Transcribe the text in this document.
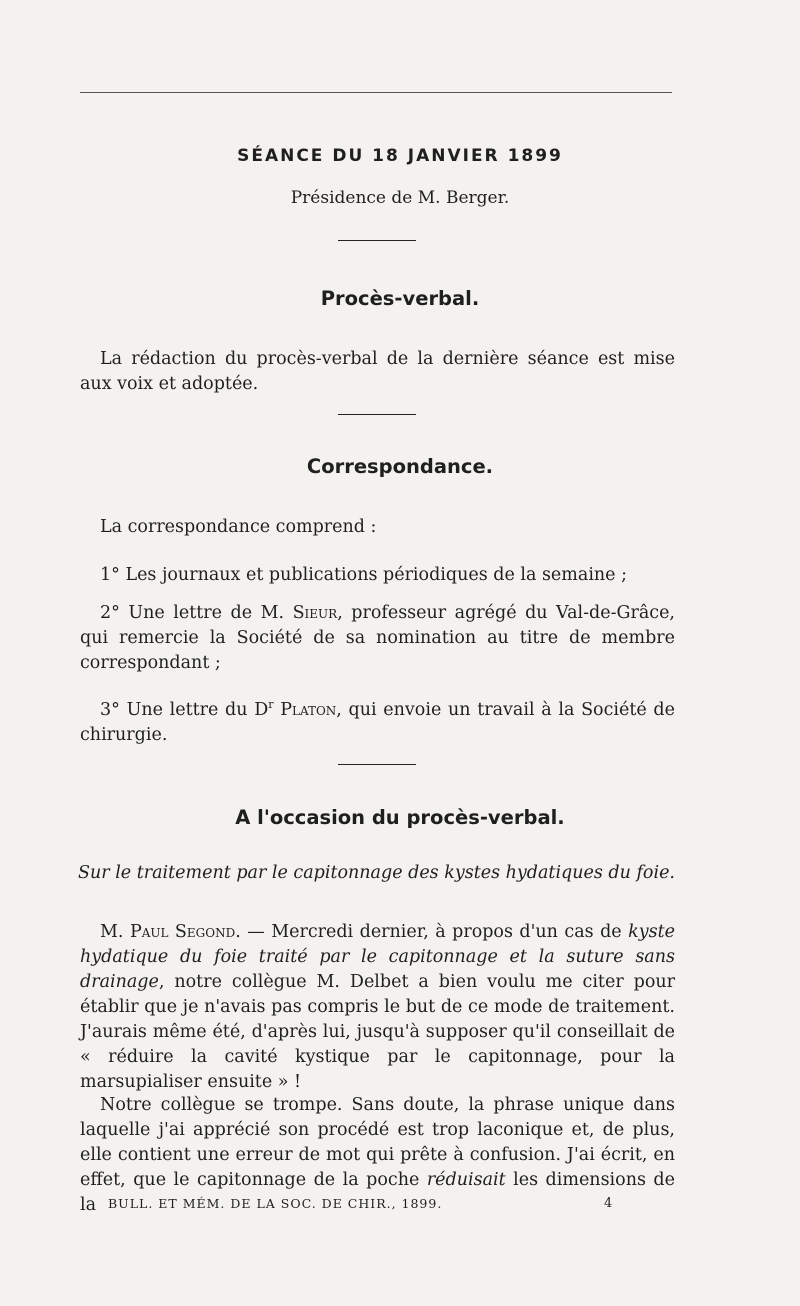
SÉANCE DU 18 JANVIER 1899
Présidence de M. Berger.
Procès-verbal.
La rédaction du procès-verbal de la dernière séance est mise aux voix et adoptée.
Correspondance.
La correspondance comprend :
1° Les journaux et publications périodiques de la semaine ;
2° Une lettre de M. Sieur, professeur agrégé du Val-de-Grâce, qui remercie la Société de sa nomination au titre de membre correspondant ;
3° Une lettre du $D^r$ Platon, qui envoie un travail à la Société de chirurgie.
A l'occasion du procès-verbal.
Sur le traitement par le capitonnage des kystes hydatiques du foie.
M. Paul Segond. — Mercredi dernier, à propos d'un cas de kyste hydatique du foie traité par le capitonnage et la suture sans drainage, notre collègue M. Delbet a bien voulu me citer pour établir que je n'avais pas compris le but de ce mode de traitement. J'aurais même été, d'après lui, jusqu'à supposer qu'il conseillait de « réduire la cavité kystique par le capitonnage, pour la marsupialiser ensuite » !
Notre collègue se trompe. Sans doute, la phrase unique dans laquelle j'ai apprécié son procédé est trop laconique et, de plus, elle contient une erreur de mot qui prête à confusion. J'ai écrit, en effet, que le capitonnage de la poche réduisait les dimensions de la BULL. ET MÉM. DE LA SOC. DE CHIR., 1899.	4
